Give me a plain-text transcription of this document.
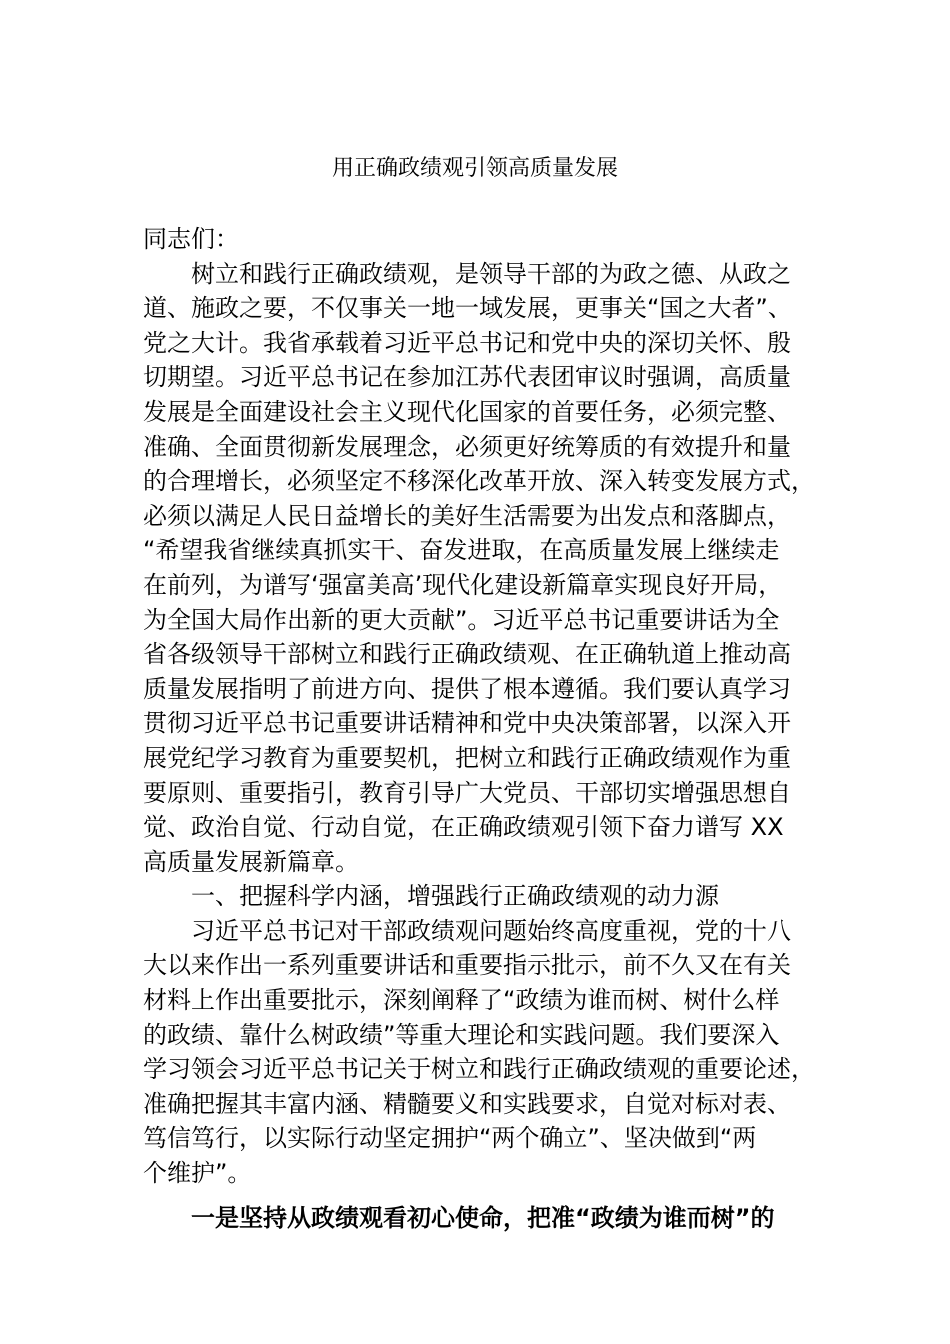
用正确政绩观引领高质量发展
同志们：
树立和践行正确政绩观，是领导干部的为政之德、从政之
道、施政之要，不仅事关一地一域发展，更事关“国之大者”、
党之大计。我省承载着习近平总书记和党中央的深切关怀、殷
切期望。习近平总书记在参加江苏代表团审议时强调，高质量
发展是全面建设社会主义现代化国家的首要任务，必须完整、
准确、全面贯彻新发展理念，必须更好统筹质的有效提升和量
的合理增长，必须坚定不移深化改革开放、深入转变发展方式，
必须以满足人民日益增长的美好生活需要为出发点和落脚点，
“希望我省继续真抓实干、奋发进取，在高质量发展上继续走
在前列，为谱写‘强富美高’现代化建设新篇章实现良好开局，
为全国大局作出新的更大贡献”。习近平总书记重要讲话为全
省各级领导干部树立和践行正确政绩观、在正确轨道上推动高
质量发展指明了前进方向、提供了根本遵循。我们要认真学习
贯彻习近平总书记重要讲话精神和党中央决策部署，以深入开
展党纪学习教育为重要契机，把树立和践行正确政绩观作为重
要原则、重要指引，教育引导广大党员、干部切实增强思想自
觉、政治自觉、行动自觉，在正确政绩观引领下奋力谱写 XX
高质量发展新篇章。
一、把握科学内涵，增强践行正确政绩观的动力源
习近平总书记对干部政绩观问题始终高度重视，党的十八
大以来作出一系列重要讲话和重要指示批示，前不久又在有关
材料上作出重要批示，深刻阐释了“政绩为谁而树、树什么样
的政绩、靠什么树政绩”等重大理论和实践问题。我们要深入
学习领会习近平总书记关于树立和践行正确政绩观的重要论述，
准确把握其丰富内涵、精髓要义和实践要求，自觉对标对表、
笃信笃行，以实际行动坚定拥护“两个确立”、坚决做到“两
个维护”。
一是坚持从政绩观看初心使命，把准“政绩为谁而树”的
